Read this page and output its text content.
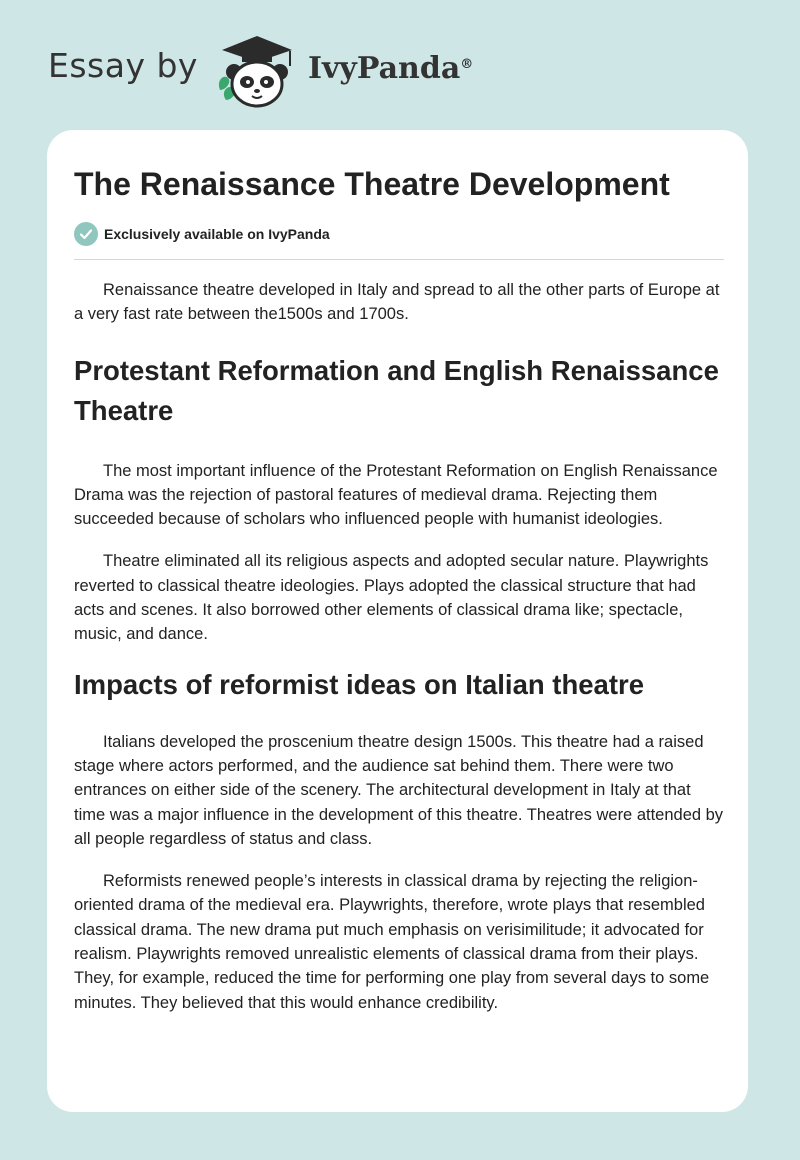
Essay by	IvyPanda®
The Renaissance Theatre Development
Exclusively available on IvyPanda

Renaissance theatre developed in Italy and spread to all the other parts of Europe at a very fast rate between the1500s and 1700s.

Protestant Reformation and English Renaissance Theatre

The most important influence of the Protestant Reformation on English Renaissance Drama was the rejection of pastoral features of medieval drama. Rejecting them succeeded because of scholars who influenced people with humanist ideologies.

Theatre eliminated all its religious aspects and adopted secular nature. Playwrights reverted to classical theatre ideologies. Plays adopted the classical structure that had acts and scenes. It also borrowed other elements of classical drama like; spectacle, music, and dance.

Impacts of reformist ideas on Italian theatre

Italians developed the proscenium theatre design 1500s. This theatre had a raised stage where actors performed, and the audience sat behind them. There were two entrances on either side of the scenery. The architectural development in Italy at that time was a major influence in the development of this theatre. Theatres were attended by all people regardless of status and class.

Reformists renewed people’s interests in classical drama by rejecting the religion-oriented drama of the medieval era. Playwrights, therefore, wrote plays that resembled classical drama. The new drama put much emphasis on verisimilitude; it advocated for realism. Playwrights removed unrealistic elements of classical drama from their plays. They, for example, reduced the time for performing one play from several days to some minutes. They believed that this would enhance credibility.
